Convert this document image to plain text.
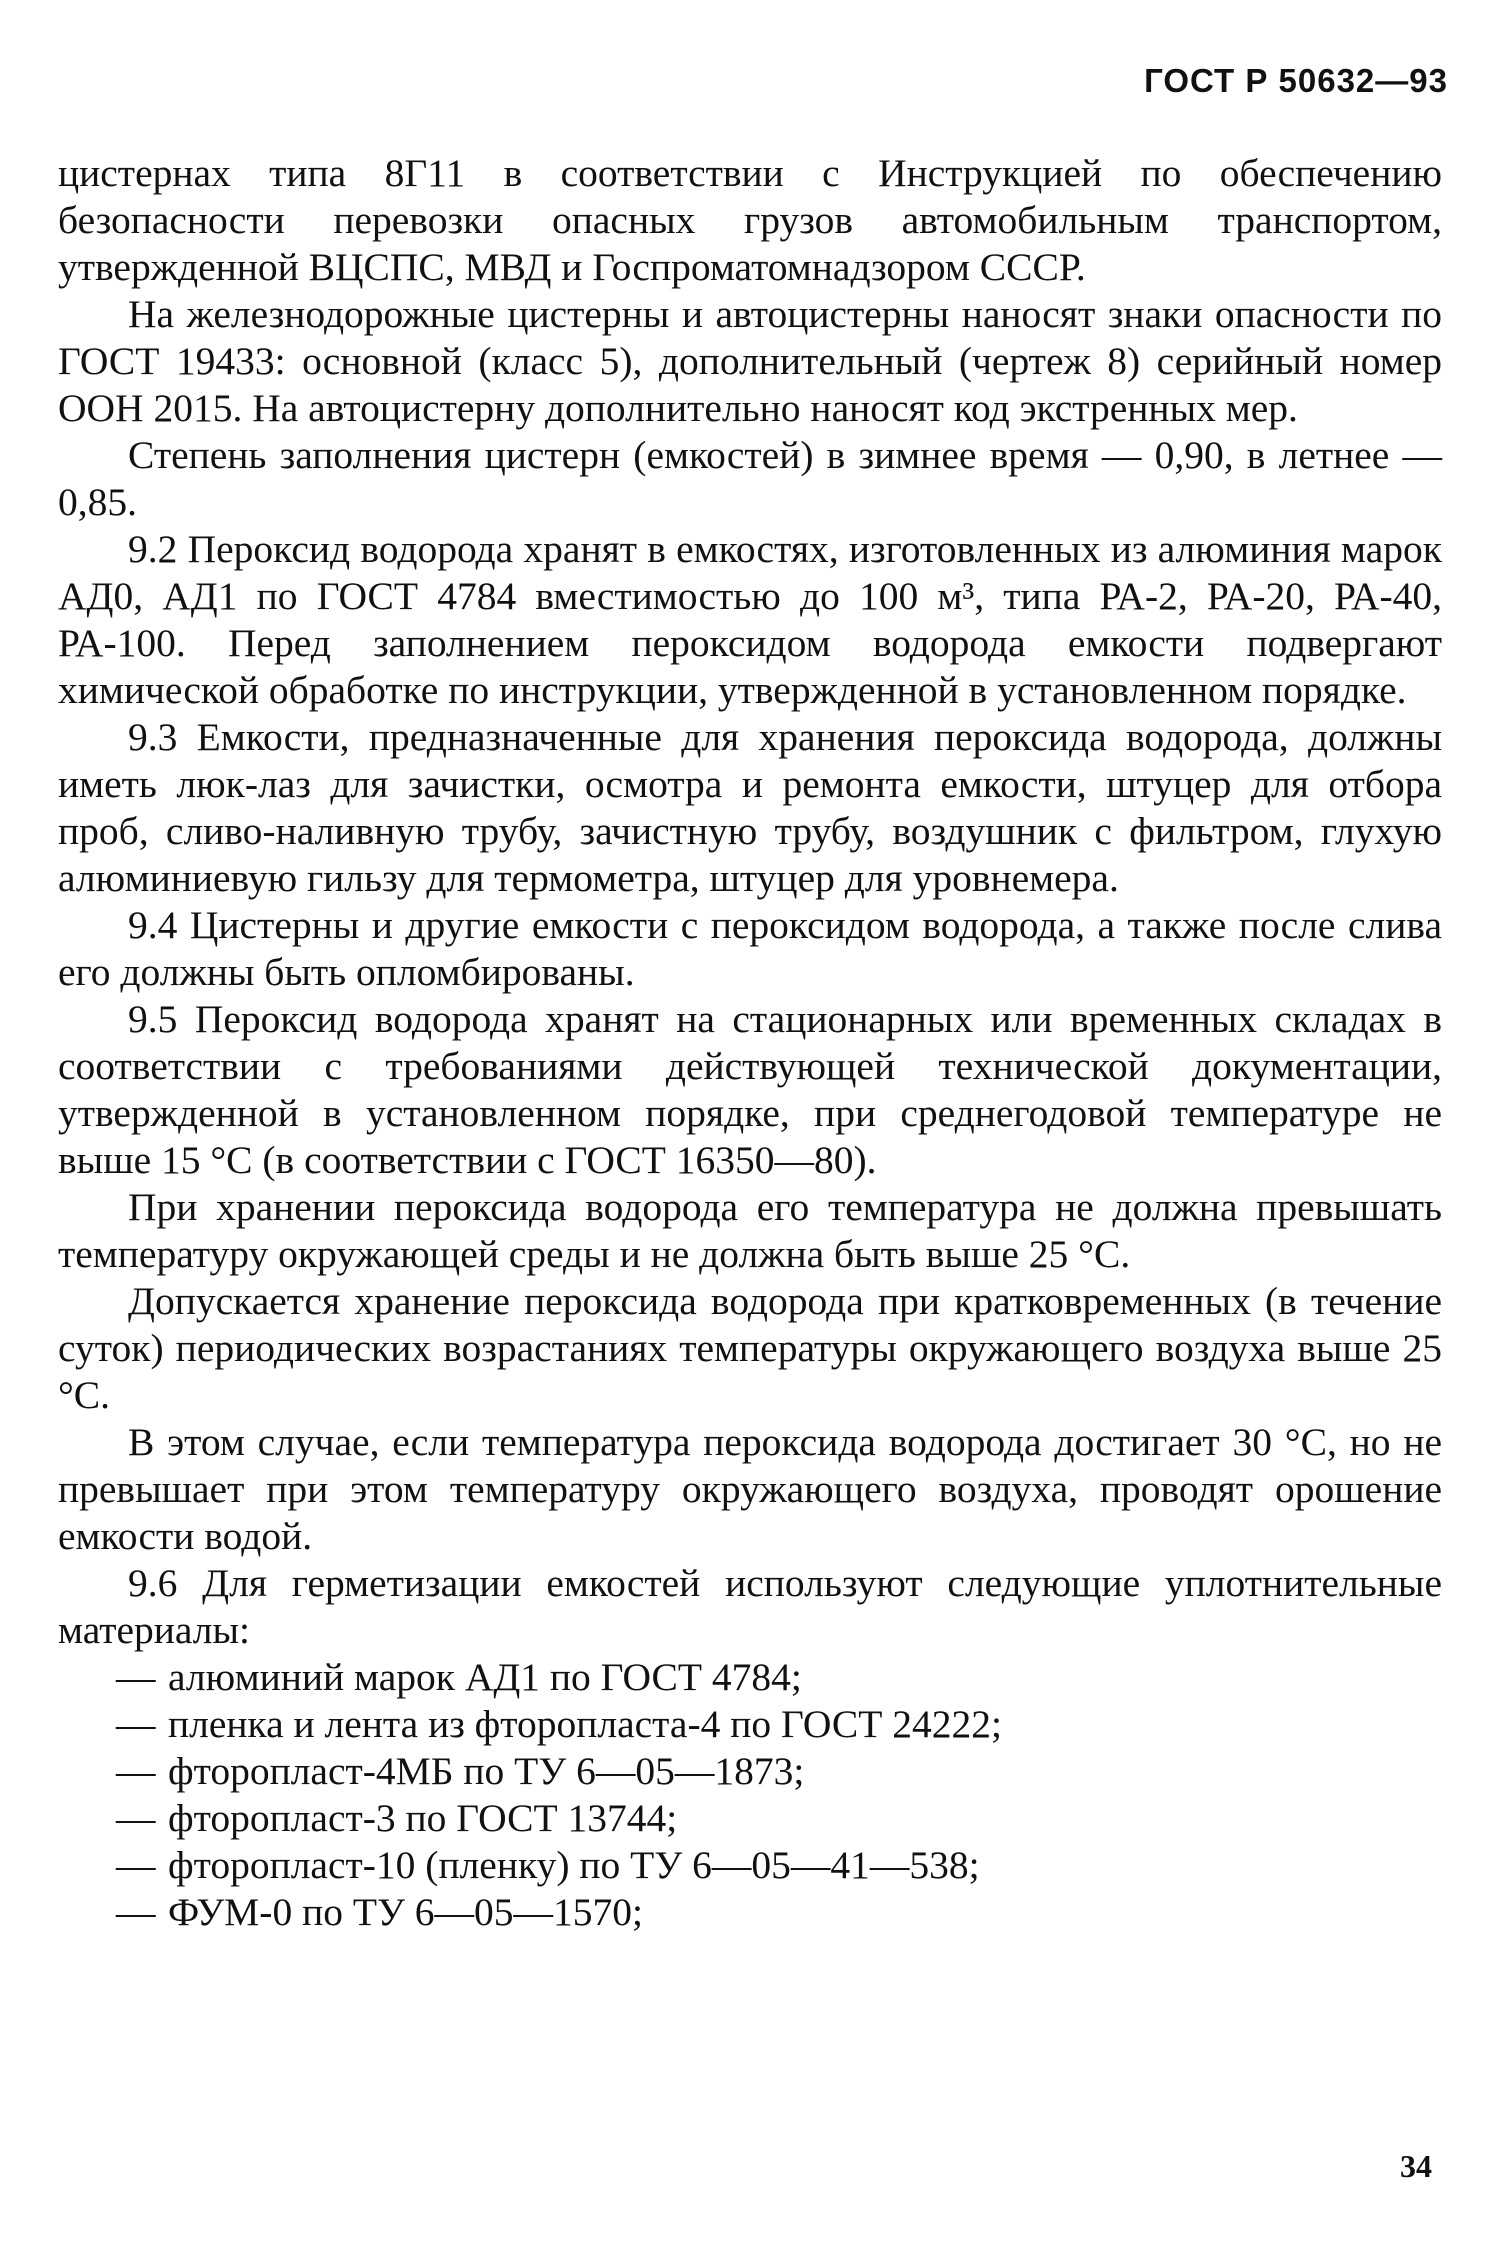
ГОСТ Р 50632—93

цистернах типа 8Г11 в соответствии с Инструкцией по обеспечению безопасности перевозки опасных грузов автомобильным транспортом, утвержденной ВЦСПС, МВД и Госпроматомнадзором СССР.

На железнодорожные цистерны и автоцистерны наносят знаки опасности по ГОСТ 19433: основной (класс 5), дополнительный (чертеж 8) серийный номер ООН 2015. На автоцистерну дополнительно наносят код экстренных мер.

Степень заполнения цистерн (емкостей) в зимнее время — 0,90, в летнее — 0,85.

9.2 Пероксид водорода хранят в емкостях, изготовленных из алюминия марок АД0, АД1 по ГОСТ 4784 вместимостью до 100 м³, типа РА-2, РА-20, РА-40, РА-100. Перед заполнением пероксидом водорода емкости подвергают химической обработке по инструкции, утвержденной в установленном порядке.

9.3 Емкости, предназначенные для хранения пероксида водорода, должны иметь люк-лаз для зачистки, осмотра и ремонта емкости, штуцер для отбора проб, сливо-наливную трубу, зачистную трубу, воздушник с фильтром, глухую алюминиевую гильзу для термометра, штуцер для уровнемера.

9.4 Цистерны и другие емкости с пероксидом водорода, а также после слива его должны быть опломбированы.

9.5 Пероксид водорода хранят на стационарных или временных складах в соответствии с требованиями действующей технической документации, утвержденной в установленном порядке, при среднегодовой температуре не выше 15 °С (в соответствии с ГОСТ 16350—80).

При хранении пероксида водорода его температура не должна превышать температуру окружающей среды и не должна быть выше 25 °С.

Допускается хранение пероксида водорода при кратковременных (в течение суток) периодических возрастаниях температуры окружающего воздуха выше 25 °С.

В этом случае, если температура пероксида водорода достигает 30 °С, но не превышает при этом температуру окружающего воздуха, проводят орошение емкости водой.

9.6 Для герметизации емкостей используют следующие уплотнительные материалы:

— алюминий марок АД1 по ГОСТ 4784;
— пленка и лента из фторопласта-4 по ГОСТ 24222;
— фторопласт-4МБ по ТУ 6—05—1873;
— фторопласт-3 по ГОСТ 13744;
— фторопласт-10 (пленку) по ТУ 6—05—41—538;
— ФУМ-0 по ТУ 6—05—1570;
34
